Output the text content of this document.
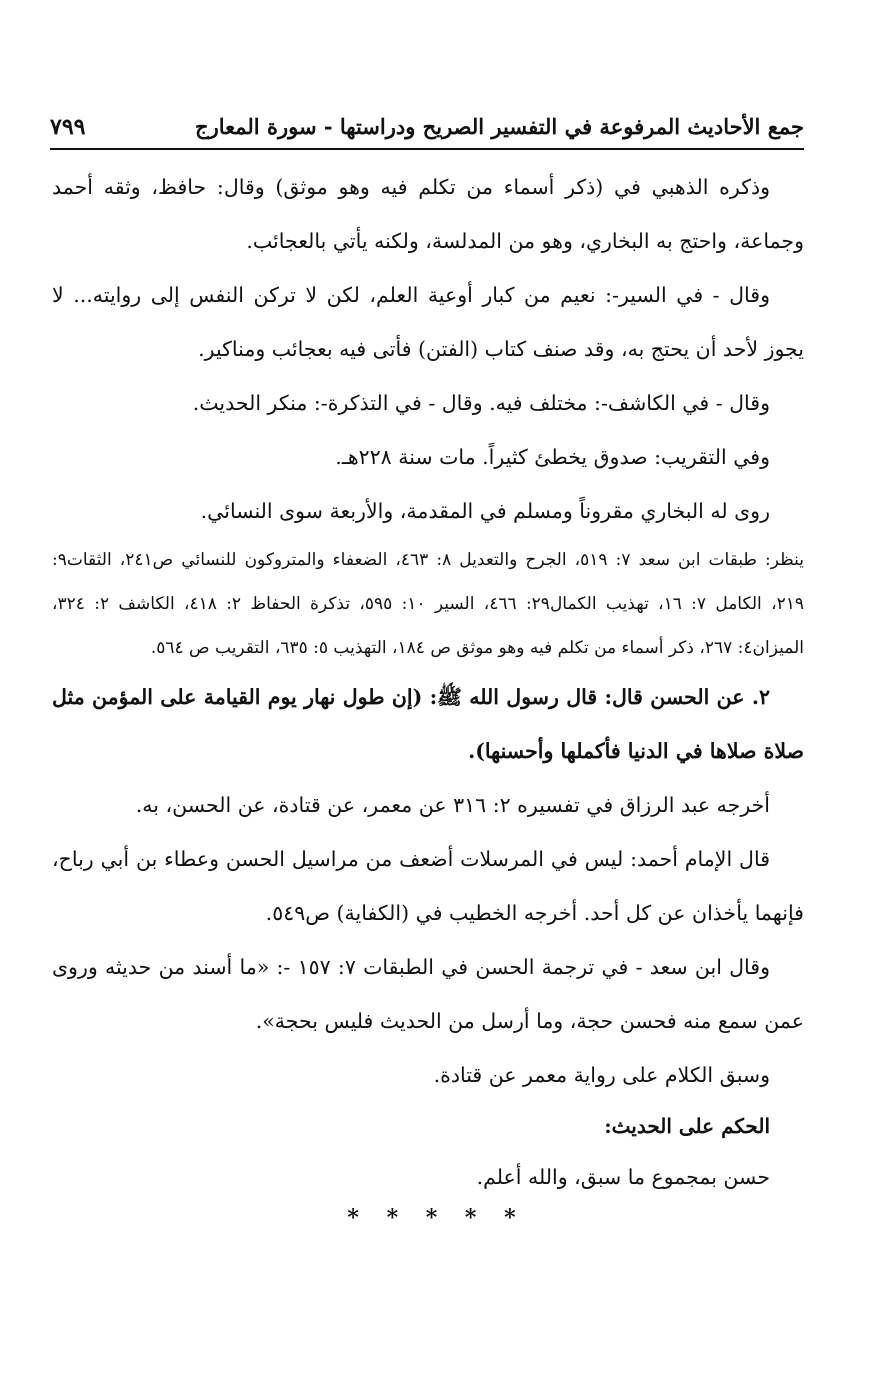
جمع الأحاديث المرفوعة في التفسير الصريح ودراستها - سورة المعارج
٧٩٩

وذكره الذهبي في (ذكر أسماء من تكلم فيه وهو موثق) وقال: حافظ، وثقه أحمد وجماعة، واحتج به البخاري، وهو من المدلسة، ولكنه يأتي بالعجائب.

وقال - في السير-: نعيم من كبار أوعية العلم، لكن لا تركن النفس إلى روايته... لا يجوز لأحد أن يحتج به، وقد صنف كتاب (الفتن) فأتى فيه بعجائب ومناكير.

وقال - في الكاشف-: مختلف فيه. وقال - في التذكرة-: منكر الحديث.

وفي التقريب: صدوق يخطئ كثيراً. مات سنة ٢٢٨هـ.

روى له البخاري مقروناً ومسلم في المقدمة، والأربعة سوى النسائي.

ينظر: طبقات ابن سعد ٧: ٥١٩، الجرح والتعديل ٨: ٤٦٣، الضعفاء والمتروكون للنسائي ص٢٤١، الثقات٩: ٢١٩، الكامل ٧: ١٦، تهذيب الكمال٢٩: ٤٦٦، السير ١٠: ٥٩٥، تذكرة الحفاظ ٢: ٤١٨، الكاشف ٢: ٣٢٤، الميزان٤: ٢٦٧، ذكر أسماء من تكلم فيه وهو موثق ص ١٨٤، التهذيب ٥: ٦٣٥، التقريب ص ٥٦٤.

٢. عن الحسن قال: قال رسول الله ﷺ: (إن طول نهار يوم القيامة على المؤمن مثل صلاة صلاها في الدنيا فأكملها وأحسنها).

أخرجه عبد الرزاق في تفسيره ٢: ٣١٦ عن معمر، عن قتادة، عن الحسن، به.

قال الإمام أحمد: ليس في المرسلات أضعف من مراسيل الحسن وعطاء بن أبي رباح، فإنهما يأخذان عن كل أحد. أخرجه الخطيب في (الكفاية) ص٥٤٩.

وقال ابن سعد - في ترجمة الحسن في الطبقات ٧: ١٥٧ -: «ما أسند من حديثه وروى عمن سمع منه فحسن حجة، وما أرسل من الحديث فليس بحجة».

وسبق الكلام على رواية معمر عن قتادة.

الحكم على الحديث:

حسن بمجموع ما سبق، والله أعلم.

* * * * *
